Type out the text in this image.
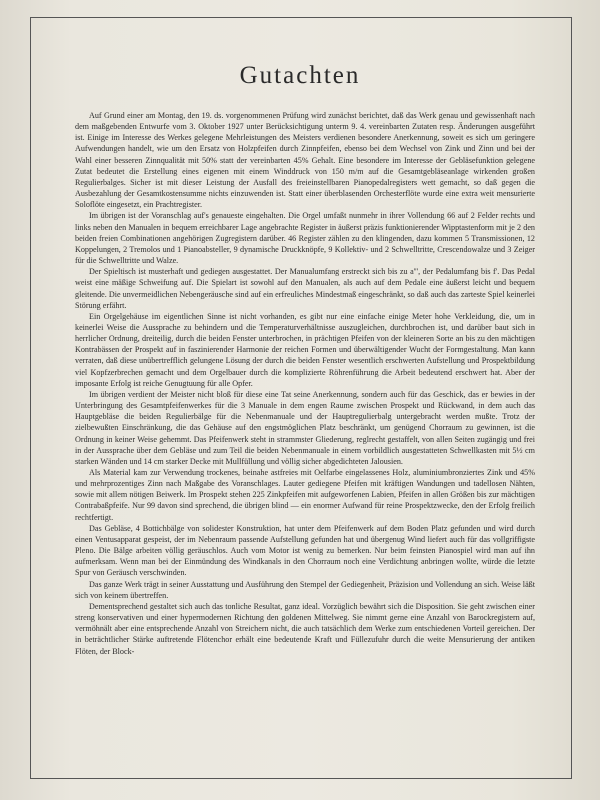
Gutachten

Auf Grund einer am Montag, den 19. ds. vorgenommenen Prüfung wird zunächst berichtet, daß das Werk genau und gewissenhaft nach dem maßgebenden Entwurfe vom 3. Oktober 1927 unter Berücksichtigung unterm 9. 4. vereinbarten Zutaten resp. Änderungen ausgeführt ist. Einige im Interesse des Werkes gelegene Mehrleistungen des Meisters verdienen besondere Anerkennung, soweit es sich um geringere Aufwendungen handelt, wie um den Ersatz von Holzpfeifen durch Zinnpfeifen, ebenso bei dem Wechsel von Zink und Zinn und bei der Wahl einer besseren Zinnqualität mit 50% statt der vereinbarten 45% Gehalt. Eine besondere im Interesse der Gebläsefunktion gelegene Zutat bedeutet die Erstellung eines eigenen mit einem Winddruck von 150 m/m auf die Gesamtgebläseanlage wirkenden großen Regulierbalges. Sicher ist mit dieser Leistung der Ausfall des freieinstellbaren Pianopedalregisters wett gemacht, so daß gegen die Ausbezahlung der Gesamtkostensumme nichts einzuwenden ist. Statt einer überblasenden Orchesterflöte wurde eine extra weit mensurierte Soloflöte eingesetzt, ein Prachtregister.

Im übrigen ist der Voranschlag auf's genaueste eingehalten. Die Orgel umfaßt nunmehr in ihrer Vollendung 66 auf 2 Felder rechts und links neben den Manualen in bequem erreichbarer Lage angebrachte Register in äußerst präzis funktionierender Wipptastenform mit je 2 den beiden freien Combinationen angehörigen Zugregistern darüber. 46 Register zählen zu den klingenden, dazu kommen 5 Transmissionen, 12 Koppelungen, 2 Tremolos und 1 Pianoabsteller, 9 dynamische Druckknöpfe, 9 Kollektiv- und 2 Schwelltritte, Crescendowalze und 3 Zeiger für die Schwelltritte und Walze.

Der Spieltisch ist musterhaft und gediegen ausgestattet. Der Manualumfang erstreckt sich bis zu a''', der Pedalumfang bis f'. Das Pedal weist eine mäßige Schweifung auf. Die Spielart ist sowohl auf den Manualen, als auch auf dem Pedale eine äußerst leicht und bequem gleitende. Die unvermeidlichen Nebengeräusche sind auf ein erfreuliches Mindestmaß eingeschränkt, so daß auch das zarteste Spiel keinerlei Störung erfährt.

Ein Orgelgehäuse im eigentlichen Sinne ist nicht vorhanden, es gibt nur eine einfache einige Meter hohe Verkleidung, die, um in keinerlei Weise die Aussprache zu behindern und die Temperaturverhältnisse auszugleichen, durchbrochen ist, und darüber baut sich in herrlicher Ordnung, dreiteilig, durch die beiden Fenster unterbrochen, in prächtigen Pfeifen von der kleineren Sorte an bis zu den mächtigen Kontrabässen der Prospekt auf in faszinierender Harmonie der reichen Formen und überwältigender Wucht der Formgestaltung. Man kann verraten, daß diese unübertrefflich gelungene Lösung der durch die beiden Fenster wesentlich erschwerten Aufstellung und Prospektbildung viel Kopfzerbrechen gemacht und dem Orgelbauer durch die komplizierte Röhrenführung die Arbeit bedeutend erschwert hat. Aber der imposante Erfolg ist reiche Genugtuung für alle Opfer.

Im übrigen verdient der Meister nicht bloß für diese eine Tat seine Anerkennung, sondern auch für das Geschick, das er bewies in der Unterbringung des Gesamtpfeifenwerkes für die 3 Manuale in dem engen Raume zwischen Prospekt und Rückwand, in dem auch das Hauptgebläse die beiden Regulierbälge für die Nebenmanuale und der Hauptregulierbalg untergebracht werden mußte. Trotz der zielbewußten Einschränkung, die das Gehäuse auf den engstmöglichen Platz beschränkt, um genügend Chorraum zu gewinnen, ist die Ordnung in keiner Weise gehemmt. Das Pfeifenwerk steht in strammster Gliederung, reglrecht gestaffelt, von allen Seiten zugängig und frei in der Aussprache über dem Gebläse und zum Teil die beiden Nebenmanuale in einem vorbildlich ausgestatteten Schwellkasten mit 5½ cm starken Wänden und 14 cm starker Decke mit Mullfüllung und völlig sicher abgedichteten Jalousien.

Als Material kam zur Verwendung trockenes, beinahe astfreies mit Oelfarbe eingelassenes Holz, aluminiumbronziertes Zink und 45% und mehrprozentiges Zinn nach Maßgabe des Voranschlages. Lauter gediegene Pfeifen mit kräftigen Wandungen und tadellosen Nähten, sowie mit allem nötigen Beiwerk. Im Prospekt stehen 225 Zinkpfeifen mit aufgeworfenen Labien, Pfeifen in allen Größen bis zur mächtigen Contrabaßpfeife. Nur 99 davon sind sprechend, die übrigen blind — ein enormer Aufwand für reine Prospektzwecke, den der Erfolg freilich rechtfertigt.

Das Gebläse, 4 Bottichbälge von solidester Konstruktion, hat unter dem Pfeifenwerk auf dem Boden Platz gefunden und wird durch einen Ventusapparat gespeist, der im Nebenraum passende Aufstellung gefunden hat und übergenug Wind liefert auch für das vollgriffigste Pleno. Die Bälge arbeiten völlig geräuschlos. Auch vom Motor ist wenig zu bemerken. Nur beim feinsten Pianospiel wird man auf ihn aufmerksam. Wenn man bei der Einmündung des Windkanals in den Chorraum noch eine Verdichtung anbringen wollte, würde die letzte Spur von Geräusch verschwinden.

Das ganze Werk trägt in seiner Ausstattung und Ausführung den Stempel der Gediegenheit, Präzision und Vollendung an sich. Weise läßt sich von keinem übertreffen.

Dementsprechend gestaltet sich auch das tonliche Resultat, ganz ideal. Vorzüglich bewährt sich die Disposition. Sie geht zwischen einer streng konservativen und einer hypermodernen Richtung den goldenen Mittelweg. Sie nimmt gerne eine Anzahl von Barockregistern auf, vermöhnält aber eine entsprechende Anzahl von Streichern nicht, die auch tatsächlich dem Werke zum entschiedenen Vorteil gereichen. Der in beträchtlicher Stärke auftretende Flötenchor erhält eine bedeutende Kraft und Füllezufuhr durch die weite Mensurierung der antiken Flöten, der Block-
